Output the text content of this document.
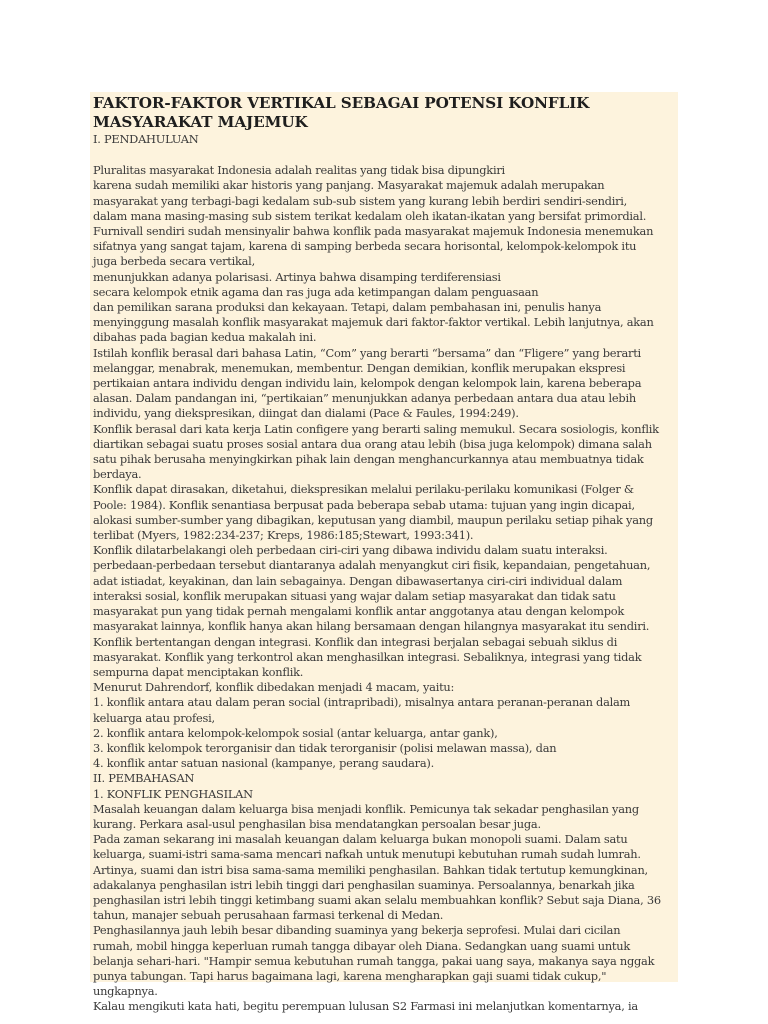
FAKTOR-FAKTOR VERTIKAL SEBAGAI POTENSI KONFLIK
MASYARAKAT MAJEMUK
I. PENDAHULUAN
Pluralitas masyarakat Indonesia adalah realitas yang tidak bisa dipungkiri
karena sudah memiliki akar historis yang panjang. Masyarakat majemuk adalah merupakan
masyarakat yang terbagi-bagi kedalam sub-sub sistem yang kurang lebih berdiri sendiri-sendiri,
dalam mana masing-masing sub sistem terikat kedalam oleh ikatan-ikatan yang bersifat primordial.
Furnivall sendiri sudah mensinyalir bahwa konflik pada masyarakat majemuk Indonesia menemukan
sifatnya yang sangat tajam, karena di samping berbeda secara horisontal, kelompok-kelompok itu
juga berbeda secara vertikal,
menunjukkan adanya polarisasi. Artinya bahwa disamping terdiferensiasi
secara kelompok etnik agama dan ras juga ada ketimpangan dalam penguasaan
dan pemilikan sarana produksi dan kekayaan. Tetapi, dalam pembahasan ini, penulis hanya
menyinggung masalah konflik masyarakat majemuk dari faktor-faktor vertikal. Lebih lanjutnya, akan
dibahas pada bagian kedua makalah ini.
Istilah konflik berasal dari bahasa Latin, “Com” yang berarti “bersama” dan “Fligere” yang berarti
melanggar, menabrak, menemukan, membentur. Dengan demikian, konflik merupakan ekspresi
pertikaian antara individu dengan individu lain, kelompok dengan kelompok lain, karena beberapa
alasan. Dalam pandangan ini, “pertikaian” menunjukkan adanya perbedaan antara dua atau lebih
individu, yang diekspresikan, diingat dan dialami (Pace & Faules, 1994:249).
Konflik berasal dari kata kerja Latin configere yang berarti saling memukul. Secara sosiologis, konflik
diartikan sebagai suatu proses sosial antara dua orang atau lebih (bisa juga kelompok) dimana salah
satu pihak berusaha menyingkirkan pihak lain dengan menghancurkannya atau membuatnya tidak
berdaya.
Konflik dapat dirasakan, diketahui, diekspresikan melalui perilaku-perilaku komunikasi (Folger &
Poole: 1984). Konflik senantiasa berpusat pada beberapa sebab utama: tujuan yang ingin dicapai,
alokasi sumber-sumber yang dibagikan, keputusan yang diambil, maupun perilaku setiap pihak yang
terlibat (Myers, 1982:234-237; Kreps, 1986:185;Stewart, 1993:341).
Konflik dilatarbelakangi oleh perbedaan ciri-ciri yang dibawa individu dalam suatu interaksi.
perbedaan-perbedaan tersebut diantaranya adalah menyangkut ciri fisik, kepandaian, pengetahuan,
adat istiadat, keyakinan, dan lain sebagainya. Dengan dibawasertanya ciri-ciri individual dalam
interaksi sosial, konflik merupakan situasi yang wajar dalam setiap masyarakat dan tidak satu
masyarakat pun yang tidak pernah mengalami konflik antar anggotanya atau dengan kelompok
masyarakat lainnya, konflik hanya akan hilang bersamaan dengan hilangnya masyarakat itu sendiri.
Konflik bertentangan dengan integrasi. Konflik dan integrasi berjalan sebagai sebuah siklus di
masyarakat. Konflik yang terkontrol akan menghasilkan integrasi. Sebaliknya, integrasi yang tidak
sempurna dapat menciptakan konflik.
Menurut Dahrendorf, konflik dibedakan menjadi 4 macam, yaitu:
1. konflik antara atau dalam peran social (intrapribadi), misalnya antara peranan-peranan dalam
keluarga atau profesi,
2. konflik antara kelompok-kelompok sosial (antar keluarga, antar gank),
3. konflik kelompok terorganisir dan tidak terorganisir (polisi melawan massa), dan
4. konflik antar satuan nasional (kampanye, perang saudara).
II. PEMBAHASAN
1. KONFLIK PENGHASILAN
Masalah keuangan dalam keluarga bisa menjadi konflik. Pemicunya tak sekadar penghasilan yang
kurang. Perkara asal-usul penghasilan bisa mendatangkan persoalan besar juga.
Pada zaman sekarang ini masalah keuangan dalam keluarga bukan monopoli suami. Dalam satu
keluarga, suami-istri sama-sama mencari nafkah untuk menutupi kebutuhan rumah sudah lumrah.
Artinya, suami dan istri bisa sama-sama memiliki penghasilan. Bahkan tidak tertutup kemungkinan,
adakalanya penghasilan istri lebih tinggi dari penghasilan suaminya. Persoalannya, benarkah jika
penghasilan istri lebih tinggi ketimbang suami akan selalu membuahkan konflik? Sebut saja Diana, 36
tahun, manajer sebuah perusahaan farmasi terkenal di Medan.
Penghasilannya jauh lebih besar dibanding suaminya yang bekerja seprofesi. Mulai dari cicilan
rumah, mobil hingga keperluan rumah tangga dibayar oleh Diana. Sedangkan uang suami untuk
belanja sehari-hari. "Hampir semua kebutuhan rumah tangga, pakai uang saya, makanya saya nggak
punya tabungan. Tapi harus bagaimana lagi, karena mengharapkan gaji suami tidak cukup,"
ungkapnya.
Kalau mengikuti kata hati, begitu perempuan lulusan S2 Farmasi ini melanjutkan komentarnya, ia
